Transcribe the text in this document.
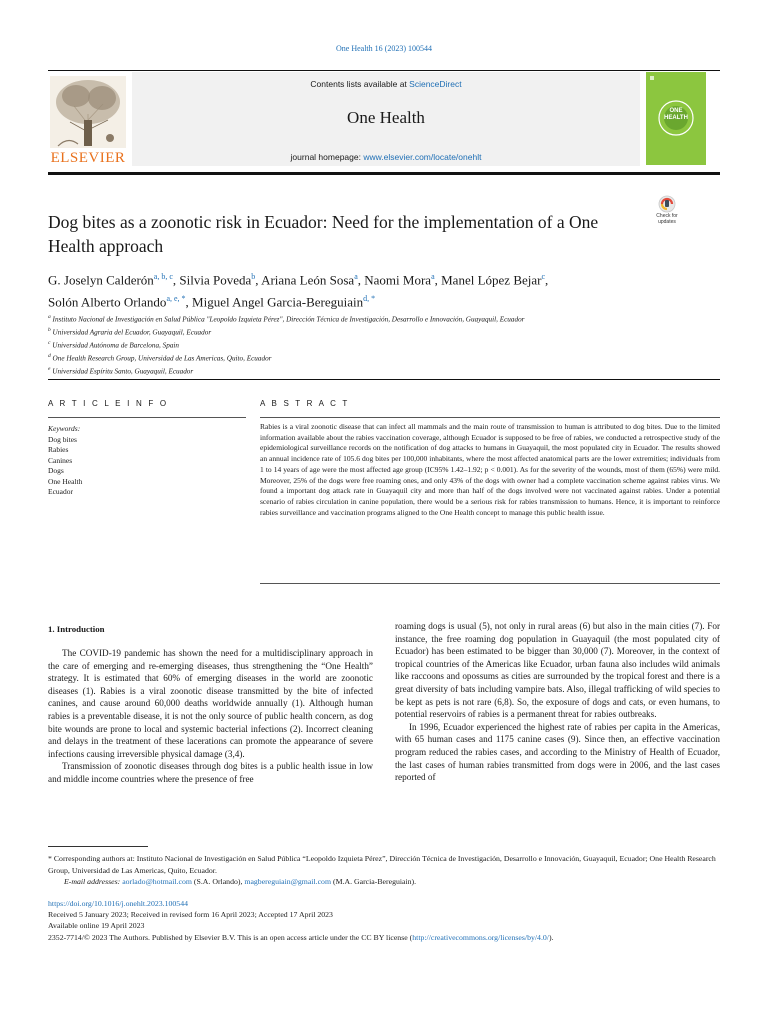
One Health 16 (2023) 100544
ELSEVIER
Contents lists available at ScienceDirect
One Health
journal homepage: www.elsevier.com/locate/onehlt
ONE
HEALTH
Check for
updates
Dog bites as a zoonotic risk in Ecuador: Need for the implementation of a One Health approach
G. Joselyn Calderón$^{a, b, c}$, Silvia Poveda$^b$, Ariana León Sosa$^a$, Naomi Mora$^a$, Manel López Bejar$^c$,
Solón Alberto Orlando$^{a, e, *}$, Miguel Angel Garcia-Bereguiain$^{d, *}$
$^a$ Instituto Nacional de Investigación en Salud Pública "Leopoldo Izquieta Pérez", Dirección Técnica de Investigación, Desarrollo e Innovación, Guayaquil, Ecuador
$^b$ Universidad Agraria del Ecuador, Guayaquil, Ecuador
$^c$ Universidad Autónoma de Barcelona, Spain
$^d$ One Health Research Group, Universidad de Las Americas, Quito, Ecuador
$^e$ Universidad Espíritu Santo, Guayaquil, Ecuador
A R T I C L E I N F O	A B S T R A C T
Keywords:
Dog bites
Rabies
Canines
Dogs
One Health
Ecuador
Rabies is a viral zoonotic disease that can infect all mammals and the main route of transmission to human is attributed to dog bites. Due to the limited information available about the rabies vaccination coverage, although Ecuador is supposed to be free of rabies, we conducted a retrospective study of the epidemiological surveillance records on the notification of dog attacks to humans in Guayaquil, the most populated city in Ecuador. The results showed an annual incidence rate of 105.6 dog bites per 100,000 inhabitants, where the most affected anatomical parts are the lower extremities; individuals from 1 to 14 years of age were the most affected age group (IC95% 1.42–1.92; p < 0.001). As for the severity of the wounds, most of them (65%) were mild. Moreover, 25% of the dogs were free roaming ones, and only 43% of the dogs with owner had a complete vaccination scheme against rabies virus. We found a important dog attack rate in Guayaquil city and more than half of the dogs involved were not vaccinated against rabies. Under a potential scenario of rabies circulation in canine population, there would be a serious risk for rabies transmission to humans. Hence, it is important to reinforce rabies surveillance and vaccination programs aligned to the One Health concept to manage this public health issue.
1. Introduction

The COVID-19 pandemic has shown the need for a multidisciplinary approach in the care of emerging and re-emerging diseases, thus strengthening the “One Health” strategy. It is estimated that 60% of emerging diseases in the world are zoonotic diseases (1). Rabies is a viral zoonotic disease transmitted by the bite of infected canines, and cause around 60,000 deaths worldwide annually (1). Although human rabies is a preventable disease, it is not the only source of public health concern, as dog bite wounds are prone to local and systemic bacterial infections (2). Incorrect cleaning and delays in the treatment of these lacerations can promote the appearance of severe infections causing irreversible physical damage (3,4).

Transmission of zoonotic diseases through dog bites is a public health issue in low and middle income countries where the presence of free

roaming dogs is usual (5), not only in rural areas (6) but also in the main cities (7). For instance, the free roaming dog population in Guayaquil (the most populated city of Ecuador) has been estimated to be bigger than 30,000 (7). Moreover, in the context of tropical countries of the Americas like Ecuador, urban fauna also includes wild animals like raccoons and opossums as cities are surrounded by the tropical forest and there is a great diversity of bats including vampire bats. Also, illegal trafficking of wild species to be kept as pets is not rare (6,8). So, the exposure of dogs and cats, or even humans, to potential reservoirs of rabies is a permanent threat for rabies outbreaks.

In 1996, Ecuador experienced the highest rate of rabies per capita in the Americas, with 65 human cases and 1175 canine cases (9). Since then, an effective vaccination program reduced the rabies cases, and according to the Ministry of Health of Ecuador, the last cases of human rabies transmitted from dogs were in 2006, and the last cases reported of

* Corresponding authors at: Instituto Nacional de Investigación en Salud Pública “Leopoldo Izquieta Pérez”, Dirección Técnica de Investigación, Desarrollo e Innovación, Guayaquil, Ecuador; One Health Research Group, Universidad de Las Americas, Quito, Ecuador.
E-mail addresses: aorlado@hotmail.com (S.A. Orlando), magbereguiain@gmail.com (M.A. Garcia-Bereguiain).
https://doi.org/10.1016/j.onehlt.2023.100544
Received 5 January 2023; Received in revised form 16 April 2023; Accepted 17 April 2023
Available online 19 April 2023
2352-7714/© 2023 The Authors. Published by Elsevier B.V. This is an open access article under the CC BY license (http://creativecommons.org/licenses/by/4.0/).
